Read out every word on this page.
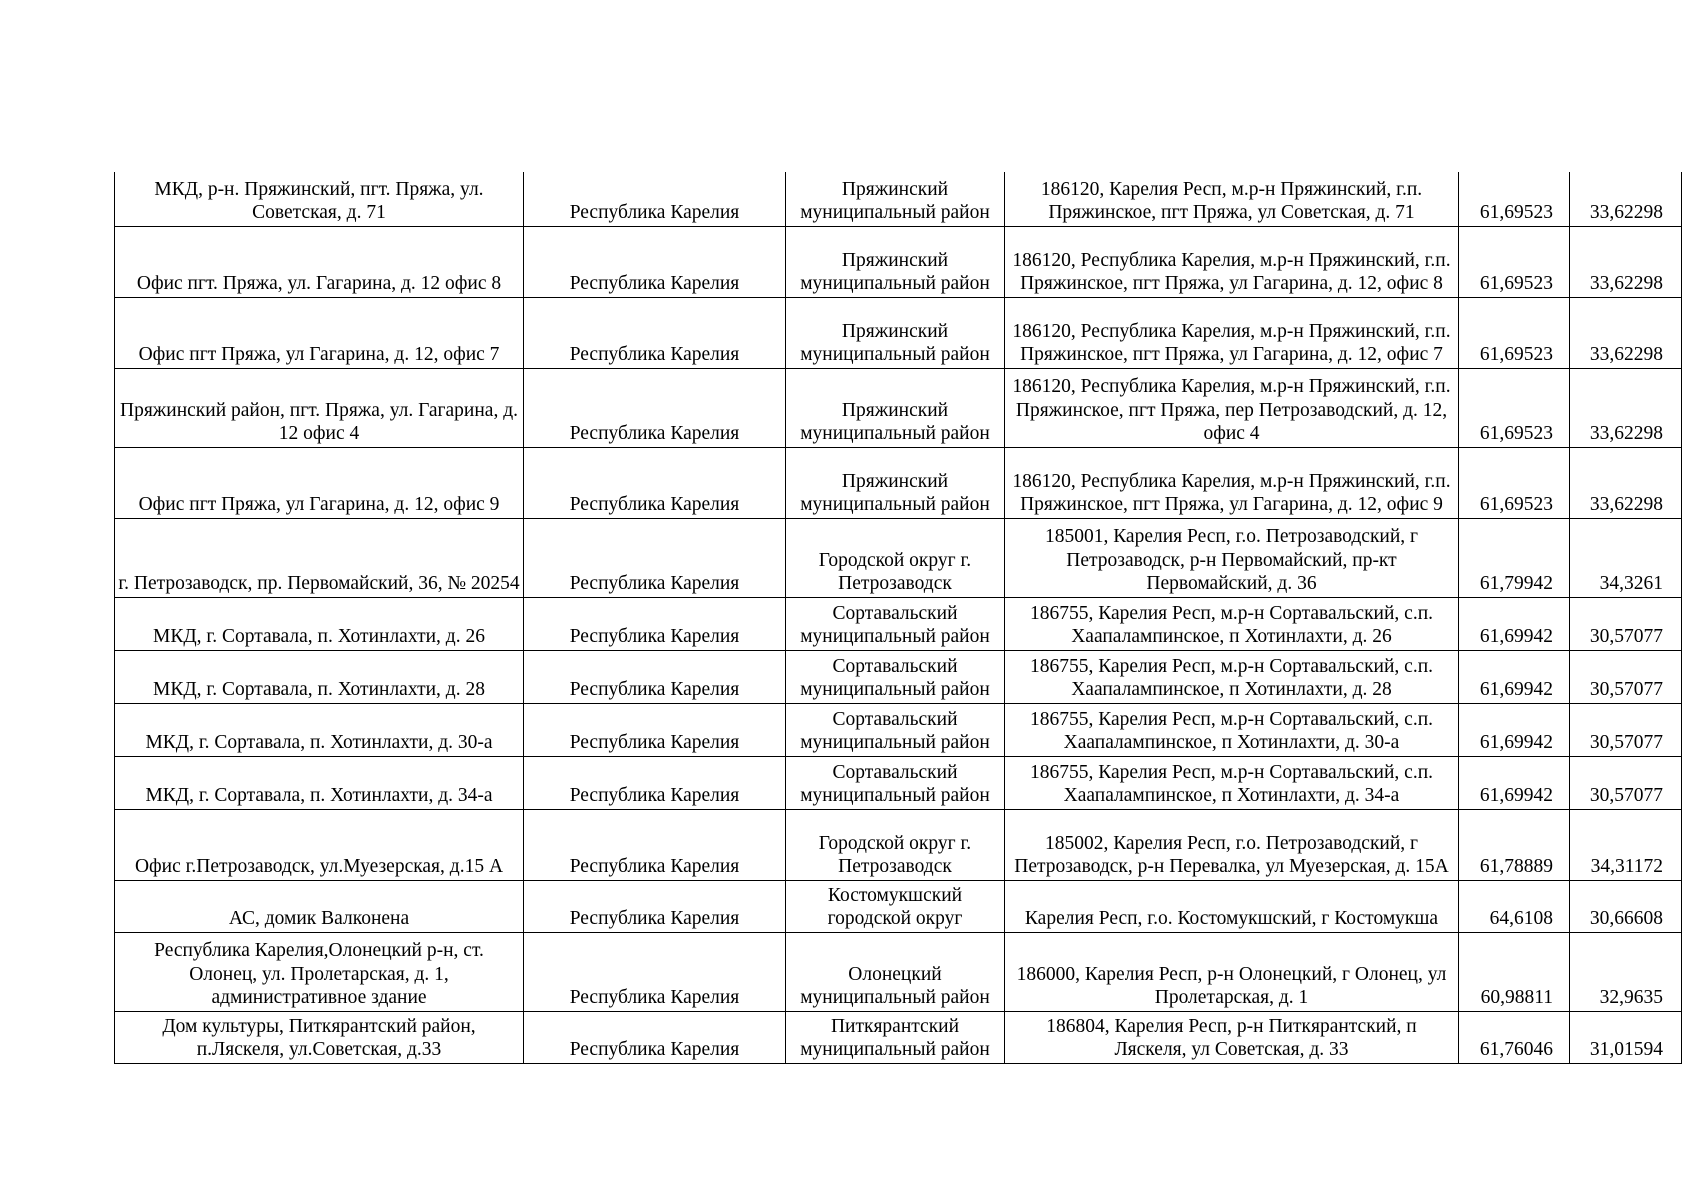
МКД, р-н. Пряжинский, пгт. Пряжа, ул. Советская, д. 71	Республика Карелия	Пряжинский муниципальный район	186120, Карелия Респ, м.р-н Пряжинский, г.п. Пряжинское, пгт Пряжа, ул Советская, д. 71	61,69523	33,62298
Офис пгт. Пряжа, ул. Гагарина, д. 12 офис 8	Республика Карелия	Пряжинский муниципальный район	186120, Республика Карелия, м.р-н Пряжинский, г.п. Пряжинское, пгт Пряжа, ул Гагарина, д. 12, офис 8	61,69523	33,62298
Офис пгт Пряжа, ул Гагарина, д. 12, офис 7	Республика Карелия	Пряжинский муниципальный район	186120, Республика Карелия, м.р-н Пряжинский, г.п. Пряжинское, пгт Пряжа, ул Гагарина, д. 12, офис 7	61,69523	33,62298
Пряжинский район, пгт. Пряжа, ул. Гагарина, д. 12 офис 4	Республика Карелия	Пряжинский муниципальный район	186120, Республика Карелия, м.р-н Пряжинский, г.п. Пряжинское, пгт Пряжа, пер Петрозаводский, д. 12, офис 4	61,69523	33,62298
Офис пгт Пряжа, ул Гагарина, д. 12, офис 9	Республика Карелия	Пряжинский муниципальный район	186120, Республика Карелия, м.р-н Пряжинский, г.п. Пряжинское, пгт Пряжа, ул Гагарина, д. 12, офис 9	61,69523	33,62298
г. Петрозаводск, пр. Первомайский, 36, № 20254	Республика Карелия	Городской округ г. Петрозаводск	185001, Карелия Респ, г.о. Петрозаводский, г Петрозаводск, р-н Первомайский, пр-кт Первомайский, д. 36	61,79942	34,3261
МКД, г. Сортавала, п. Хотинлахти, д. 26	Республика Карелия	Сортавальский муниципальный район	186755, Карелия Респ, м.р-н Сортавальский, с.п. Хаапалампинское, п Хотинлахти, д. 26	61,69942	30,57077
МКД, г. Сортавала, п. Хотинлахти, д. 28	Республика Карелия	Сортавальский муниципальный район	186755, Карелия Респ, м.р-н Сортавальский, с.п. Хаапалампинское, п Хотинлахти, д. 28	61,69942	30,57077
МКД, г. Сортавала, п. Хотинлахти, д. 30-а	Республика Карелия	Сортавальский муниципальный район	186755, Карелия Респ, м.р-н Сортавальский, с.п. Хаапалампинское, п Хотинлахти, д. 30-а	61,69942	30,57077
МКД, г. Сортавала, п. Хотинлахти, д. 34-а	Республика Карелия	Сортавальский муниципальный район	186755, Карелия Респ, м.р-н Сортавальский, с.п. Хаапалампинское, п Хотинлахти, д. 34-а	61,69942	30,57077
Офис г.Петрозаводск, ул.Муезерская, д.15 А	Республика Карелия	Городской округ г. Петрозаводск	185002, Карелия Респ, г.о. Петрозаводский, г Петрозаводск, р-н Перевалка, ул Муезерская, д. 15А	61,78889	34,31172
АС, домик Валконена	Республика Карелия	Костомукшский городской округ	Карелия Респ, г.о. Костомукшский, г Костомукша	64,6108	30,66608
Республика Карелия,Олонецкий р-н, ст. Олонец, ул. Пролетарская, д. 1, административное здание	Республика Карелия	Олонецкий муниципальный район	186000, Карелия Респ, р-н Олонецкий, г Олонец, ул Пролетарская, д. 1	60,98811	32,9635
Дом культуры, Питкярантский район, п.Ляскеля, ул.Советская, д.33	Республика Карелия	Питкярантский муниципальный район	186804, Карелия Респ, р-н Питкярантский, п Ляскеля, ул Советская, д. 33	61,76046	31,01594
